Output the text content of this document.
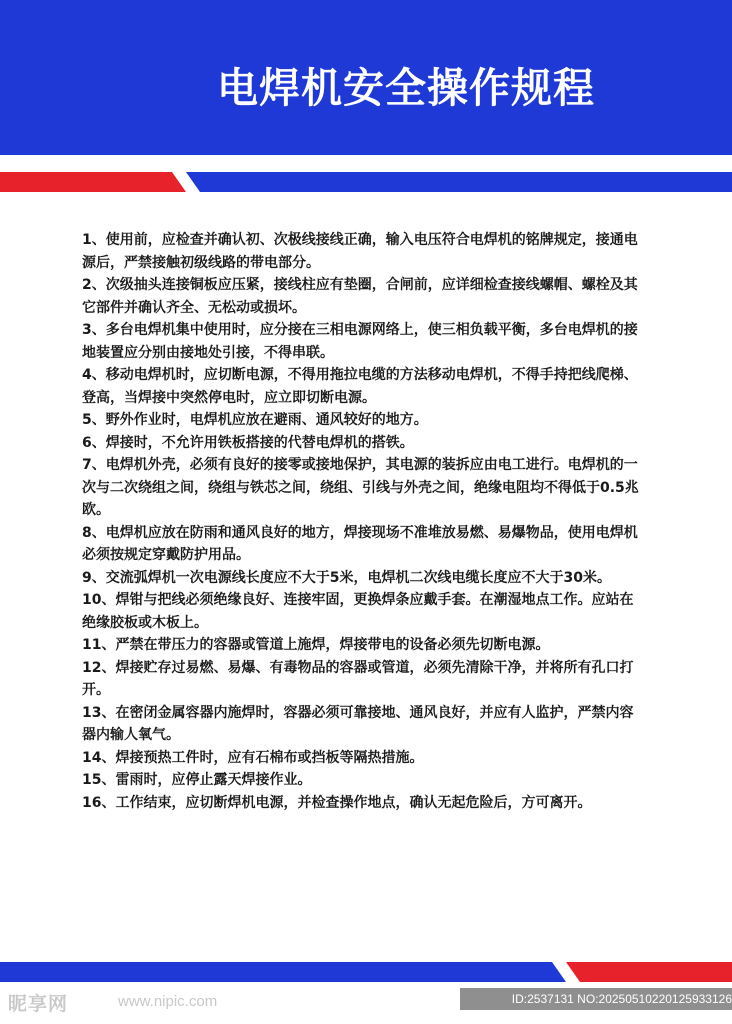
电焊机安全操作规程

1、使用前，应检查并确认初、次极线接线正确，输入电压符合电焊机的铭牌规定，接通电源后，严禁接触初级线路的带电部分。

2、次级抽头连接铜板应压紧，接线柱应有垫圈，合闸前，应详细检查接线螺帽、螺栓及其它部件并确认齐全、无松动或损坏。

3、多台电焊机集中使用时，应分接在三相电源网络上，使三相负载平衡，多台电焊机的接地装置应分别由接地处引接，不得串联。

4、移动电焊机时，应切断电源，不得用拖拉电缆的方法移动电焊机，不得手持把线爬梯、登高，当焊接中突然停电时，应立即切断电源。

5、野外作业时，电焊机应放在避雨、通风较好的地方。

6、焊接时，不允许用铁板搭接的代替电焊机的搭铁。

7、电焊机外壳，必须有良好的接零或接地保护，其电源的装拆应由电工进行。电焊机的一次与二次绕组之间，绕组与铁芯之间，绕组、引线与外壳之间，绝缘电阻均不得低于0.5兆欧。

8、电焊机应放在防雨和通风良好的地方，焊接现场不准堆放易燃、易爆物品，使用电焊机必须按规定穿戴防护用品。

9、交流弧焊机一次电源线长度应不大于5米，电焊机二次线电缆长度应不大于30米。

10、焊钳与把线必须绝缘良好、连接牢固，更换焊条应戴手套。在潮湿地点工作。应站在绝缘胶板或木板上。

11、严禁在带压力的容器或管道上施焊，焊接带电的设备必须先切断电源。

12、焊接贮存过易燃、易爆、有毒物品的容器或管道，必须先清除干净，并将所有孔口打开。

13、在密闭金属容器内施焊时，容器必须可靠接地、通风良好，并应有人监护，严禁内容器内输人氧气。

14、焊接预热工件时，应有石棉布或挡板等隔热措施。

15、雷雨时，应停止露天焊接作业。

16、工作结束，应切断焊机电源，并检查操作地点，确认无起危险后，方可离开。

昵享网	www.nipic.com	ID:2537131 NO:20250510220125933126
